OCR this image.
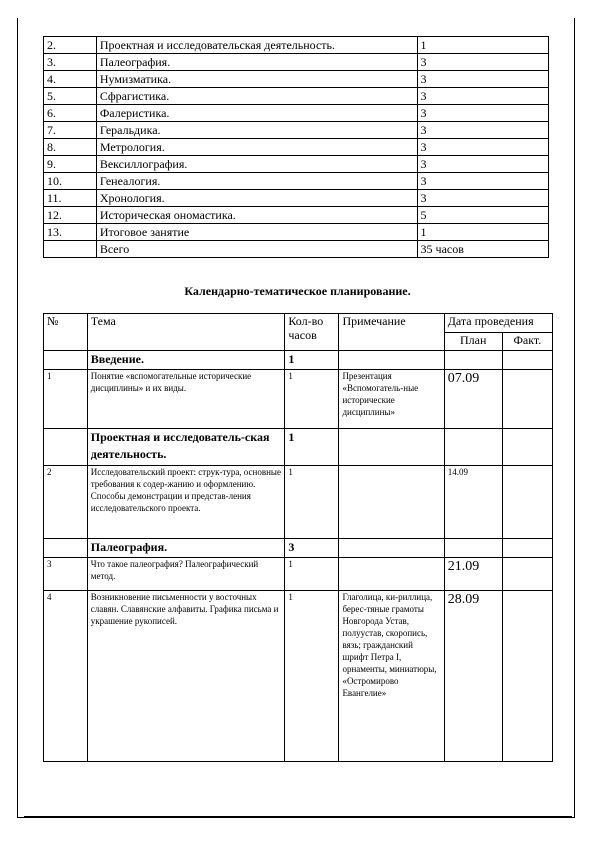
2.	Проектная и исследовательская деятельность.	1
3.	Палеография.	3
4.	Нумизматика.	3
5.	Сфрагистика.	3
6.	Фалеристика.	3
7.	Геральдика.	3
8.	Метрология.	3
9.	Вексиллография.	3
10.	Генеалогия.	3
11.	Хронология.	3
12.	Историческая ономастика.	5
13.	Итоговое занятие	1
	Всего	35 часов
Календарно-тематическое планирование.
№	Тема	Кол-во часов	Примечание	Дата проведения	
				План	Факт.
	Введение.	1			
1	Понятие «вспомогательные исторические дисциплины» и их виды.	1	Презентация «Вспомогатель-ные исторические дисциплины»	07.09	
	Проектная и исследователь-ская деятельность.	1			
2	Исследовательский проект: струк-тура, основные требования к содер-жанию и оформлению. Способы демонстрации и представ-ления исследовательского проекта.	1		14.09	
	Палеография.	3			
3	Что такое палеография? Палеографический метод.	1		21.09	
4	Возникновение письменности у восточных славян. Славянские алфавиты. Графика письма и украшение рукописей.	1	Глаголица, ки-риллица, берес-тяные грамоты Новгорода Устав, полуустав, скоропись, вязь; гражданский шрифт Петра I, орнаменты, миниатюры, «Остромирово Евангелие»	28.09	
